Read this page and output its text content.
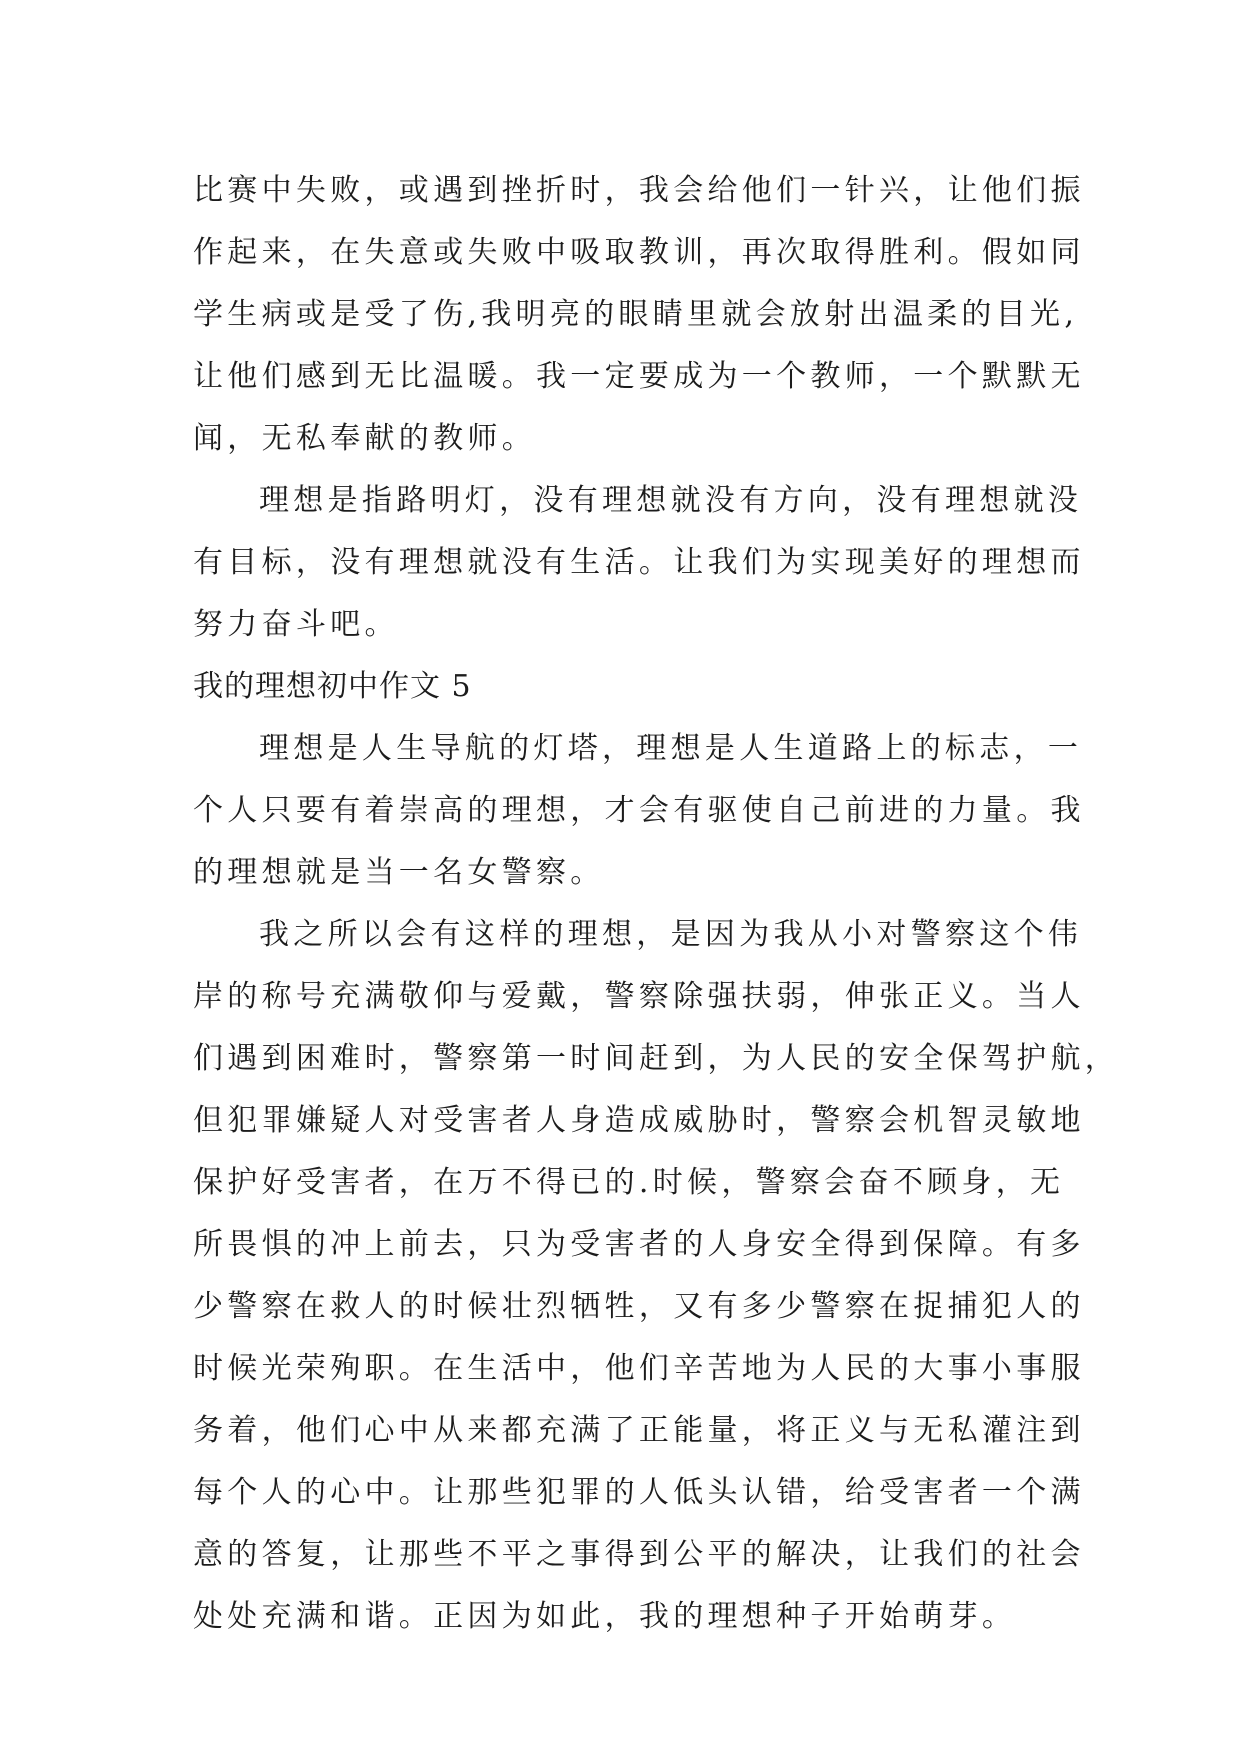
比赛中失败，或遇到挫折时，我会给他们一针兴，让他们振
作起来，在失意或失败中吸取教训，再次取得胜利。假如同
学生病或是受了伤,我明亮的眼睛里就会放射出温柔的目光,
让他们感到无比温暖。我一定要成为一个教师，一个默默无
闻，无私奉献的教师。
理想是指路明灯，没有理想就没有方向，没有理想就没
有目标，没有理想就没有生活。让我们为实现美好的理想而
努力奋斗吧。
我的理想初中作文 5
理想是人生导航的灯塔，理想是人生道路上的标志，一
个人只要有着崇高的理想，才会有驱使自己前进的力量。我
的理想就是当一名女警察。
我之所以会有这样的理想，是因为我从小对警察这个伟
岸的称号充满敬仰与爱戴，警察除强扶弱，伸张正义。当人
们遇到困难时，警察第一时间赶到，为人民的安全保驾护航，
但犯罪嫌疑人对受害者人身造成威胁时，警察会机智灵敏地
保护好受害者，在万不得已的.时候，警察会奋不顾身，无
所畏惧的冲上前去，只为受害者的人身安全得到保障。有多
少警察在救人的时候壮烈牺牲，又有多少警察在捉捕犯人的
时候光荣殉职。在生活中，他们辛苦地为人民的大事小事服
务着，他们心中从来都充满了正能量，将正义与无私灌注到
每个人的心中。让那些犯罪的人低头认错，给受害者一个满
意的答复，让那些不平之事得到公平的解决，让我们的社会
处处充满和谐。正因为如此，我的理想种子开始萌芽。
